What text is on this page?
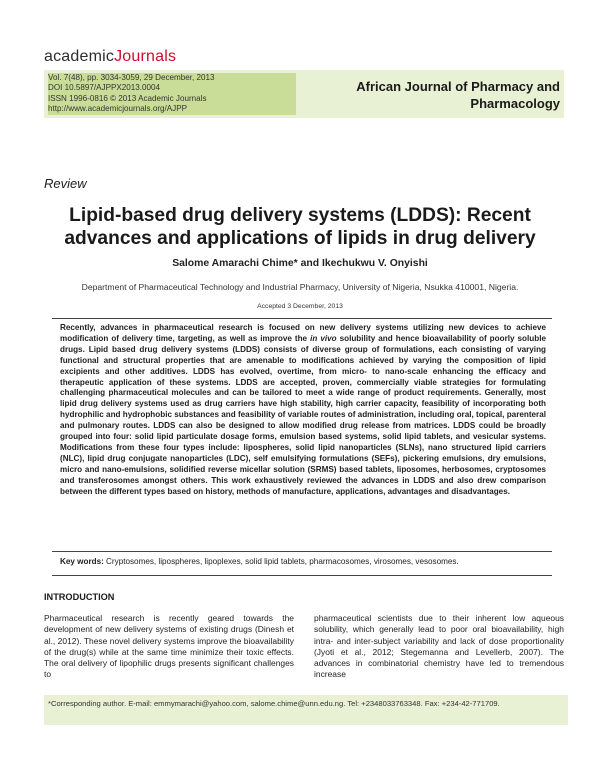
academicJournals
Vol. 7(48), pp. 3034-3059, 29 December, 2013
DOI 10.5897/AJPPX2013.0004
ISSN 1996-0816 © 2013 Academic Journals
http://www.academicjournals.org/AJPP
African Journal of Pharmacy and
Pharmacology
Review
Lipid-based drug delivery systems (LDDS): Recent advances and applications of lipids in drug delivery
Salome Amarachi Chime* and Ikechukwu V. Onyishi
Department of Pharmaceutical Technology and Industrial Pharmacy, University of Nigeria, Nsukka 410001, Nigeria.
Accepted 3 December, 2013

Recently, advances in pharmaceutical research is focused on new delivery systems utilizing new devices to achieve modification of delivery time, targeting, as well as improve the in vivo solubility and hence bioavailability of poorly soluble drugs. Lipid based drug delivery systems (LDDS) consists of diverse group of formulations, each consisting of varying functional and structural properties that are amenable to modifications achieved by varying the composition of lipid excipients and other additives. LDDS has evolved, overtime, from micro- to nano-scale enhancing the efficacy and therapeutic application of these systems. LDDS are accepted, proven, commercially viable strategies for formulating challenging pharmaceutical molecules and can be tailored to meet a wide range of product requirements. Generally, most lipid drug delivery systems used as drug carriers have high stability, high carrier capacity, feasibility of incorporating both hydrophilic and hydrophobic substances and feasibility of variable routes of administration, including oral, topical, parenteral and pulmonary routes. LDDS can also be designed to allow modified drug release from matrices. LDDS could be broadly grouped into four: solid lipid particulate dosage forms, emulsion based systems, solid lipid tablets, and vesicular systems. Modifications from these four types include: lipospheres, solid lipid nanoparticles (SLNs), nano structured lipid carriers (NLC), lipid drug conjugate nanoparticles (LDC), self emulsifying formulations (SEFs), pickering emulsions, dry emulsions, micro and nano-emulsions, solidified reverse micellar solution (SRMS) based tablets, liposomes, herbosomes, cryptosomes and transferosomes amongst others. This work exhaustively reviewed the advances in LDDS and also drew comparison between the different types based on history, methods of manufacture, applications, advantages and disadvantages.

Key words: Cryptosomes, lipospheres, lipoplexes, solid lipid tablets, pharmacosomes, virosomes, vesosomes.
INTRODUCTION

Pharmaceutical research is recently geared towards the development of new delivery systems of existing drugs (Dinesh et al., 2012). These novel delivery systems improve the bioavailability of the drug(s) while at the same time minimize their toxic effects. The oral delivery of lipophilic drugs presents significant challenges to

pharmaceutical scientists due to their inherent low aqueous solubility, which generally lead to poor oral bioavailability, high intra- and inter-subject variability and lack of dose proportionality (Jyoti et al., 2012; Stegemanna and Levellerb, 2007). The advances in combinatorial chemistry have led to tremendous increase

*Corresponding author. E-mail: emmymarachi@yahoo.com, salome.chime@unn.edu.ng. Tel: +2348033763348. Fax: +234-42-771709.
